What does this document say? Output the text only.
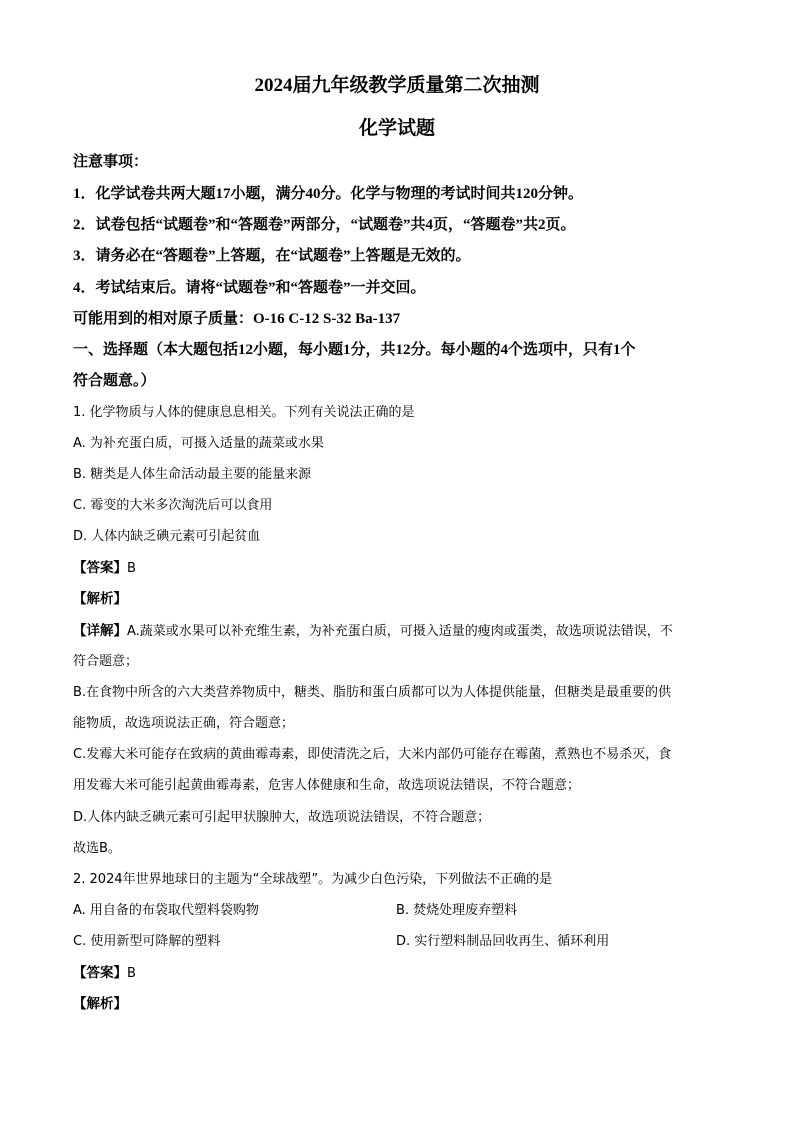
2024届九年级教学质量第二次抽测
化学试题
注意事项：
1．化学试卷共两大题17小题，满分40分。化学与物理的考试时间共120分钟。
2．试卷包括“试题卷”和“答题卷”两部分，“试题卷”共4页，“答题卷”共2页。
3．请务必在“答题卷”上答题，在“试题卷”上答题是无效的。
4．考试结束后。请将“试题卷”和“答题卷”一并交回。
可能用到的相对原子质量：O-16 C-12 S-32 Ba-137
一、选择题（本大题包括12小题，每小题1分，共12分。每小题的4个选项中，只有1个
符合题意。）
1. 化学物质与人体的健康息息相关。下列有关说法正确的是
A. 为补充蛋白质，可摄入适量的蔬菜或水果
B. 糖类是人体生命活动最主要的能量来源
C. 霉变的大米多次淘洗后可以食用
D. 人体内缺乏碘元素可引起贫血
【答案】B
【解析】
【详解】A.蔬菜或水果可以补充维生素，为补充蛋白质，可摄入适量的瘦肉或蛋类，故选项说法错误，不
符合题意；
B.在食物中所含的六大类营养物质中，糖类、脂肪和蛋白质都可以为人体提供能量，但糖类是最重要的供
能物质，故选项说法正确，符合题意；
C.发霉大米可能存在致病的黄曲霉毒素，即使清洗之后，大米内部仍可能存在霉菌，煮熟也不易杀灭，食
用发霉大米可能引起黄曲霉毒素，危害人体健康和生命，故选项说法错误，不符合题意；
D.人体内缺乏碘元素可引起甲状腺肿大，故选项说法错误，不符合题意；
故选B。
2. 2024年世界地球日的主题为“全球战塑”。为减少白色污染，下列做法不正确的是
A. 用自备的布袋取代塑料袋购物	B. 焚烧处理废弃塑料
C. 使用新型可降解的塑料	D. 实行塑料制品回收再生、循环利用
【答案】B
【解析】
